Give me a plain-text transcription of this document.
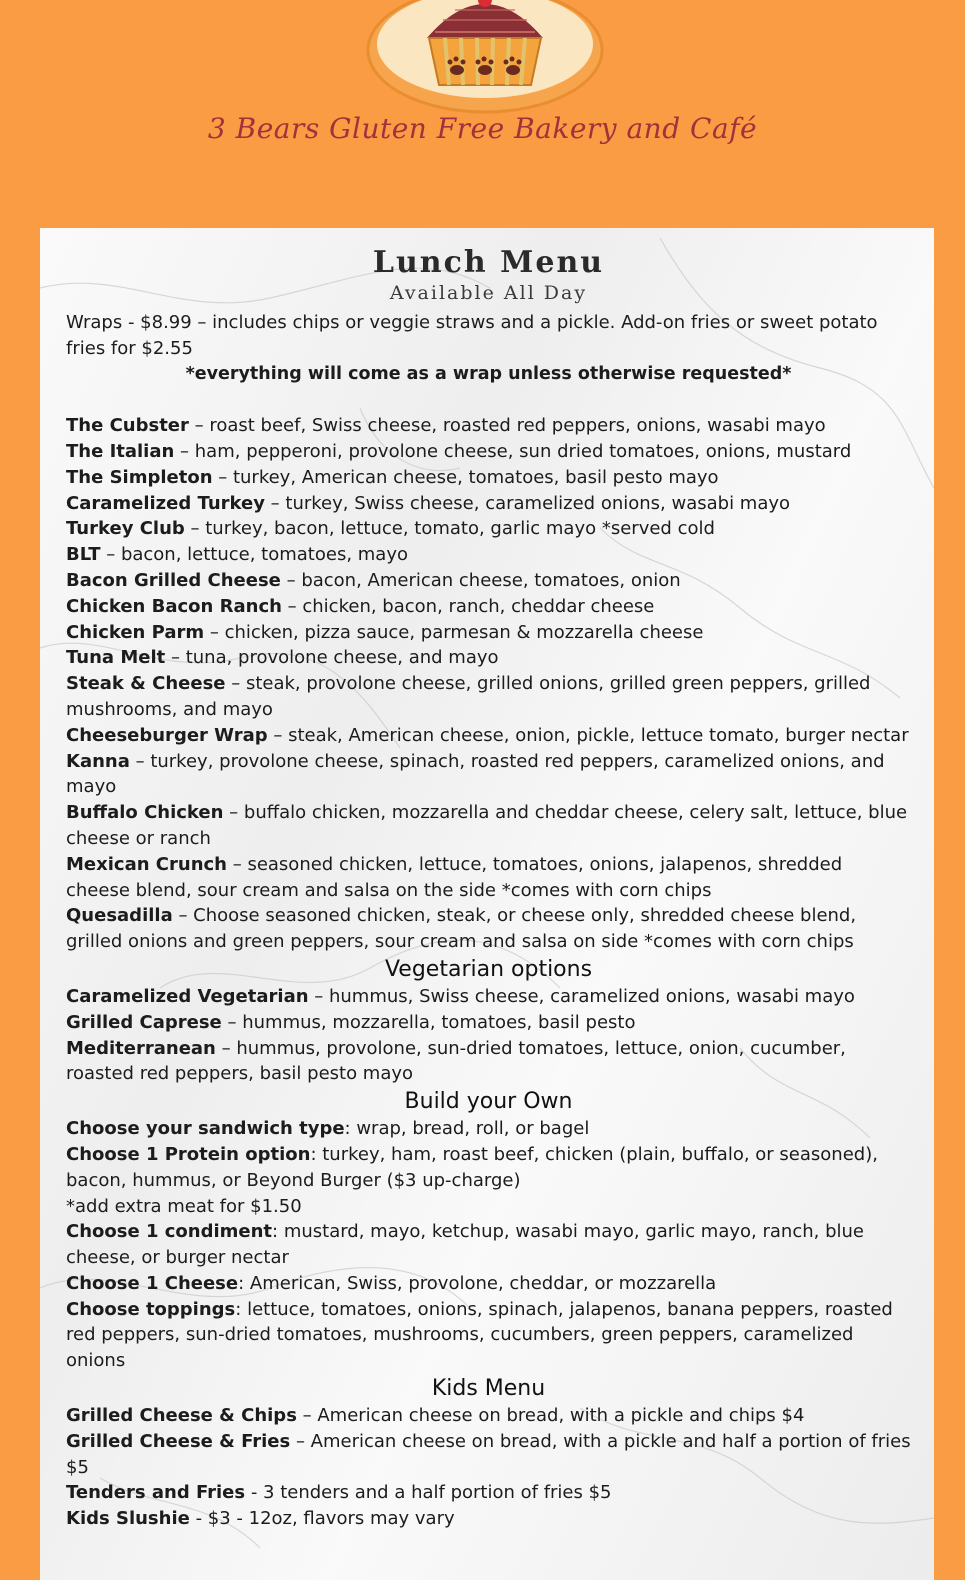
3 Bears Gluten Free Bakery and Café
Lunch Menu
Available All Day

Wraps - $8.99 – includes chips or veggie straws and a pickle. Add-on fries or sweet potato fries for $2.55

*everything will come as a wrap unless otherwise requested*

The Cubster – roast beef, Swiss cheese, roasted red peppers, onions, wasabi mayo

The Italian – ham, pepperoni, provolone cheese, sun dried tomatoes, onions, mustard

The Simpleton – turkey, American cheese, tomatoes, basil pesto mayo

Caramelized Turkey – turkey, Swiss cheese, caramelized onions, wasabi mayo

Turkey Club – turkey, bacon, lettuce, tomato, garlic mayo *served cold

BLT – bacon, lettuce, tomatoes, mayo

Bacon Grilled Cheese – bacon, American cheese, tomatoes, onion

Chicken Bacon Ranch – chicken, bacon, ranch, cheddar cheese

Chicken Parm – chicken, pizza sauce, parmesan & mozzarella cheese

Tuna Melt – tuna, provolone cheese, and mayo

Steak & Cheese – steak, provolone cheese, grilled onions, grilled green peppers, grilled mushrooms, and mayo

Cheeseburger Wrap – steak, American cheese, onion, pickle, lettuce tomato, burger nectar

Kanna – turkey, provolone cheese, spinach, roasted red peppers, caramelized onions, and mayo

Buffalo Chicken – buffalo chicken, mozzarella and cheddar cheese, celery salt, lettuce, blue cheese or ranch

Mexican Crunch – seasoned chicken, lettuce, tomatoes, onions, jalapenos, shredded cheese blend, sour cream and salsa on the side *comes with corn chips

Quesadilla – Choose seasoned chicken, steak, or cheese only, shredded cheese blend, grilled onions and green peppers, sour cream and salsa on side *comes with corn chips

Vegetarian options

Caramelized Vegetarian – hummus, Swiss cheese, caramelized onions, wasabi mayo

Grilled Caprese – hummus, mozzarella, tomatoes, basil pesto

Mediterranean – hummus, provolone, sun-dried tomatoes, lettuce, onion, cucumber, roasted red peppers, basil pesto mayo

Build your Own

Choose your sandwich type: wrap, bread, roll, or bagel

Choose 1 Protein option: turkey, ham, roast beef, chicken (plain, buffalo, or seasoned), bacon, hummus, or Beyond Burger ($3 up-charge)

*add extra meat for $1.50

Choose 1 condiment: mustard, mayo, ketchup, wasabi mayo, garlic mayo, ranch, blue cheese, or burger nectar

Choose 1 Cheese: American, Swiss, provolone, cheddar, or mozzarella

Choose toppings: lettuce, tomatoes, onions, spinach, jalapenos, banana peppers, roasted red peppers, sun-dried tomatoes, mushrooms, cucumbers, green peppers, caramelized onions

Kids Menu

Grilled Cheese & Chips – American cheese on bread, with a pickle and chips $4

Grilled Cheese & Fries – American cheese on bread, with a pickle and half a portion of fries $5

Tenders and Fries - 3 tenders and a half portion of fries $5

Kids Slushie - $3 - 12oz, flavors may vary
